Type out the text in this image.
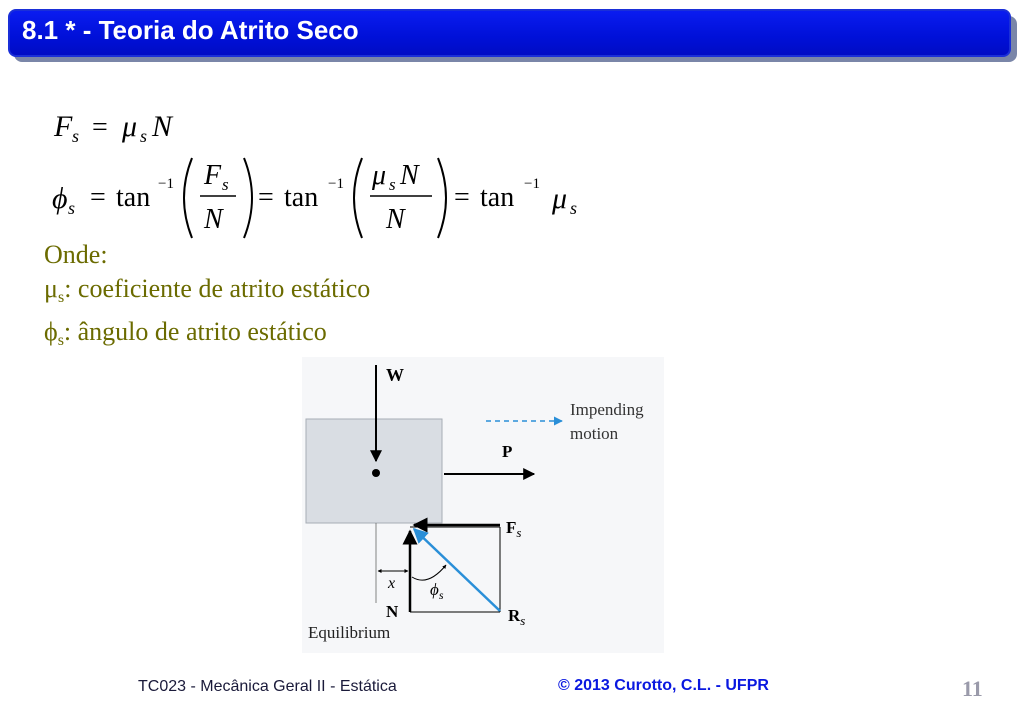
8.1 * - Teoria do Atrito Seco
F s = μ s N
ϕ s = tan −1 F s
N
= tan −1 μ s N
N
= tan −1 μ s
Onde:
$\mu_s$: coeficiente de atrito estático
$\phi_s$: ângulo de atrito estático
W
Impending
motion
P
$F_s$
N	$R_s$
x $\phi_s$
Equilibrium
TC023 - Mecânica Geral II - Estática	© 2013 Curotto, C.L. - UFPR	11
